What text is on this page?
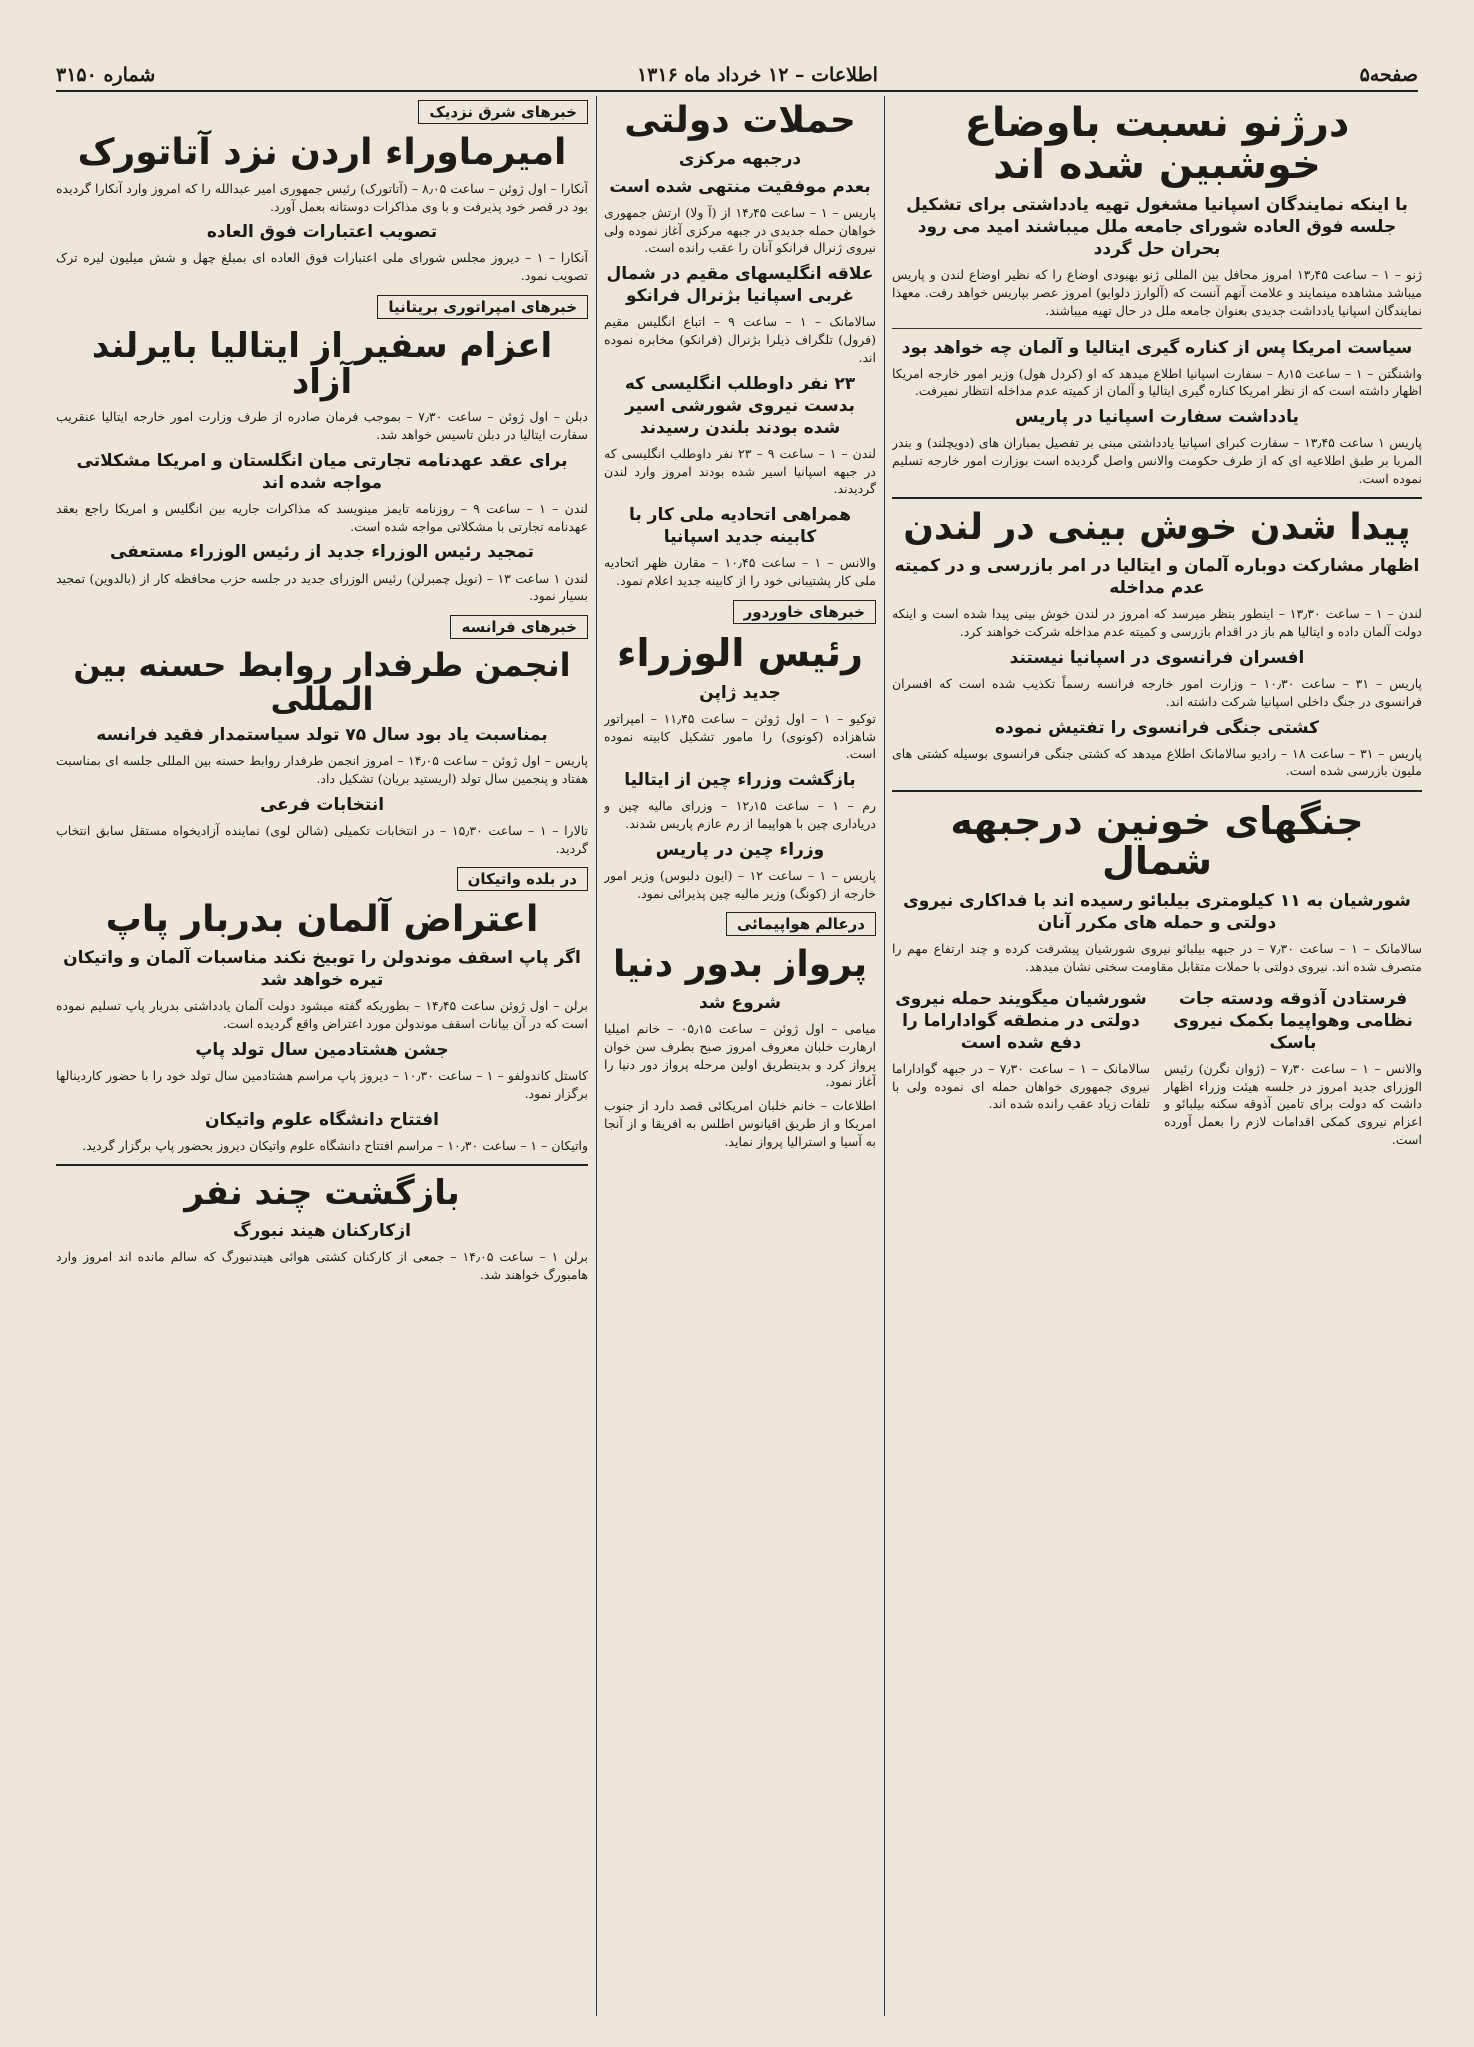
صفحه۵
اطلاعات – ۱۲ خرداد ماه ۱۳۱۶
شماره ۳۱۵۰
درژنو نسبت باوضاع خوشبین شده اند
با اینکه نمایندگان اسپانیا مشغول تهیه یادداشتی برای تشکیل جلسه فوق العاده شورای جامعه ملل میباشند امید می رود بحران حل گردد

ژنو – ۱ – ساعت ۱۳٫۴۵ امروز محافل بین المللی ژنو بهبودی اوضاع را که نظیر اوضاع لندن و پاریس میباشد مشاهده مینمایند و علامت آنهم آنست که (آلوارز دلوایو) امروز عصر بپاریس خواهد رفت. معهذا نمایندگان اسپانیا یادداشت جدیدی بعنوان جامعه ملل در حال تهیه میباشند.

سیاست امریکا پس از کناره گیری ایتالیا و آلمان چه خواهد بود

واشنگتن – ۱ – ساعت ۸٫۱۵ – سفارت اسپانیا اطلاع میدهد که او (کردل هول) وزیر امور خارجه امریکا اظهار داشته است که از نظر امریکا کناره گیری ایتالیا و آلمان از کمیته عدم مداخله انتظار نمیرفت.

یادداشت سفارت اسپانیا در پاریس

پاریس ۱ ساعت ۱۳٫۴۵ – سفارت کبرای اسپانیا یادداشتی مبنی بر تفصیل بمباران های (دویچلند) و بندر المریا بر طبق اطلاعیه ای که از طرف حکومت والانس واصل گردیده است بوزارت امور خارجه تسلیم نموده است.

پیدا شدن خوش بینی در لندن
اظهار مشارکت دوباره آلمان و ایتالیا در امر بازرسی و در کمیته عدم مداخله

لندن – ۱ – ساعت ۱۳٫۳۰ – اینطور بنظر میرسد که امروز در لندن خوش بینی پیدا شده است و اینکه دولت آلمان داده و ایتالیا هم باز در اقدام بازرسی و کمیته عدم مداخله شرکت خواهند کرد.

افسران فرانسوی در اسپانیا نیستند

پاریس – ۳۱ – ساعت ۱۰٫۳۰ – وزارت امور خارجه فرانسه رسماً تکذیب شده است که افسران فرانسوی در جنگ داخلی اسپانیا شرکت داشته اند.

کشتی جنگی فرانسوی را تفتیش نموده

پاریس – ۳۱ – ساعت ۱۸ – رادیو سالامانک اطلاع میدهد که کشتی جنگی فرانسوی بوسیله کشتی های ملیون بازرسی شده است.

جنگهای خونین درجبهه شمال
شورشیان به ۱۱ کیلومتری بیلبائو رسیده اند با فداکاری نیروی دولتی و حمله های مکرر آنان

سالامانک – ۱ – ساعت ۷٫۳۰ – در جبهه بیلبائو نیروی شورشیان پیشرفت کرده و چند ارتفاع مهم را متصرف شده اند. نیروی دولتی با حملات متقابل مقاومت سختی نشان میدهد.

فرستادن آذوقه ودسته جات نظامی وهواپیما بکمک نیروی باسک

والانس – ۱ – ساعت ۷٫۳۰ – (ژوان نگرن) رئیس الوزرای جدید امروز در جلسه هیئت وزراء اظهار داشت که دولت برای تامین آذوقه سکنه بیلبائو و اعزام نیروی کمکی اقدامات لازم را بعمل آورده است.

شورشیان میگویند حمله نیروی دولتی در منطقه گواداراما را دفع شده است

سالامانک – ۱ – ساعت ۷٫۳۰ – در جبهه گواداراما نیروی جمهوری خواهان حمله ای نموده ولی با تلفات زیاد عقب رانده شده اند.

حملات دولتی
درجبهه مرکزی
بعدم موفقیت منتهی شده است

پاریس – ۱ – ساعت ۱۴٫۴۵ از (آ ولا) ارتش جمهوری خواهان حمله جدیدی در جبهه مرکزی آغاز نموده ولی نیروی ژنرال فرانکو آنان را عقب رانده است.

علاقه انگلیسهای مقیم در شمال غربی اسپانیا بژنرال فرانکو

سالامانک – ۱ – ساعت ۹ – اتباع انگلیس مقیم (فرول) تلگراف ذیلرا بژنرال (فرانکو) مخابره نموده اند.

۲۳ نفر داوطلب انگلیسی که بدست نیروی شورشی اسیر شده بودند بلندن رسیدند

لندن – ۱ – ساعت ۹ – ۲۳ نفر داوطلب انگلیسی که در جبهه اسپانیا اسیر شده بودند امروز وارد لندن گردیدند.

همراهی اتحادیه ملی کار با کابینه جدید اسپانیا

والانس – ۱ – ساعت ۱۰٫۴۵ – مقارن ظهر اتحادیه ملی کار پشتیبانی خود را از کابینه جدید اعلام نمود.

خبرهای خاوردور
رئیس الوزراء
جدید ژاپن

توکیو – ۱ – اول ژوئن – ساعت ۱۱٫۴۵ – امپراتور شاهزاده (کونوی) را مامور تشکیل کابینه نموده است.

بازگشت وزراء چین از ایتالیا

رم – ۱ – ساعت ۱۲٫۱۵ – وزرای مالیه چین و دریاداری چین با هواپیما از رم عازم پاریس شدند.

وزراء چین در پاریس

پاریس – ۱ – ساعت ۱۲ – (ایون دلبوس) وزیر امور خارجه از (کونگ) وزیر مالیه چین پذیرائی نمود.

درعالم هواپیمائی
پرواز بدور دنیا
شروع شد

میامی – اول ژوئن – ساعت ۰۵٫۱۵ – خانم امیلیا ارهارت خلبان معروف امروز صبح بطرف سن خوان پرواز کرد و بدینطریق اولین مرحله پرواز دور دنیا را آغاز نمود.

اطلاعات – خانم خلبان امریکائی قصد دارد از جنوب امریکا و از طریق اقیانوس اطلس به افریقا و از آنجا به آسیا و استرالیا پرواز نماید.

خبرهای شرق نزدیک
امیرماوراء اردن نزد آتاتورک

آنکارا – اول ژوئن – ساعت ۸٫۰۵ – (آتاتورک) رئیس جمهوری امیر عبدالله را که امروز وارد آنکارا گردیده بود در قصر خود پذیرفت و با وی مذاکرات دوستانه بعمل آورد.

تصویب اعتبارات فوق العاده

آنکارا – ۱ – دیروز مجلس شورای ملی اعتبارات فوق العاده ای بمبلغ چهل و شش میلیون لیره ترک تصویب نمود.

خبرهای امپراتوری بریتانیا
اعزام سفیر از ایتالیا بایرلند آزاد

دبلن – اول ژوئن – ساعت ۷٫۳۰ – بموجب فرمان صادره از طرف وزارت امور خارجه ایتالیا عنقریب سفارت ایتالیا در دبلن تاسیس خواهد شد.

برای عقد عهدنامه تجارتی میان انگلستان و امریکا مشکلاتی مواجه شده اند

لندن – ۱ – ساعت ۹ – روزنامه تایمز مینویسد که مذاکرات جاریه بین انگلیس و امریکا راجع بعقد عهدنامه تجارتی با مشکلاتی مواجه شده است.

تمجید رئیس الوزراء جدید از رئیس الوزراء مستعفی

لندن ۱ ساعت ۱۳ – (نویل چمبرلن) رئیس الوزرای جدید در جلسه حزب محافظه کار از (بالدوین) تمجید بسیار نمود.

خبرهای فرانسه
انجمن طرفدار روابط حسنه بین المللی
بمناسبت یاد بود سال ۷۵ تولد سیاستمدار فقید فرانسه

پاریس – اول ژوئن – ساعت ۱۴٫۰۵ – امروز انجمن طرفدار روابط حسنه بین المللی جلسه ای بمناسبت هفتاد و پنجمین سال تولد (اریستید بریان) تشکیل داد.

انتخابات فرعی

تالارا – ۱ – ساعت ۱۵٫۳۰ – در انتخابات تکمیلی (شالن لوی) نماینده آزادیخواه مستقل سابق انتخاب گردید.

در بلده واتیکان
اعتراض آلمان بدربار پاپ
اگر پاپ اسقف موندولن را توبیخ نکند مناسبات آلمان و واتیکان تیره خواهد شد

برلن – اول ژوئن ساعت ۱۴٫۴۵ – بطوریکه گفته میشود دولت آلمان یادداشتی بدربار پاپ تسلیم نموده است که در آن بیانات اسقف موندولن مورد اعتراض واقع گردیده است.

جشن هشتادمین سال تولد پاپ

کاستل کاندولفو – ۱ – ساعت ۱۰٫۳۰ – دیروز پاپ مراسم هشتادمین سال تولد خود را با حضور کاردینالها برگزار نمود.

افتتاح دانشگاه علوم واتیکان

واتیکان – ۱ – ساعت ۱۰٫۳۰ – مراسم افتتاح دانشگاه علوم واتیکان دیروز بحضور پاپ برگزار گردید.

بازگشت چند نفر
ازکارکنان هیند نبورگ

برلن ۱ – ساعت ۱۴٫۰۵ – جمعی از کارکنان کشتی هوائی هیندنبورگ که سالم مانده اند امروز وارد هامبورگ خواهند شد.
